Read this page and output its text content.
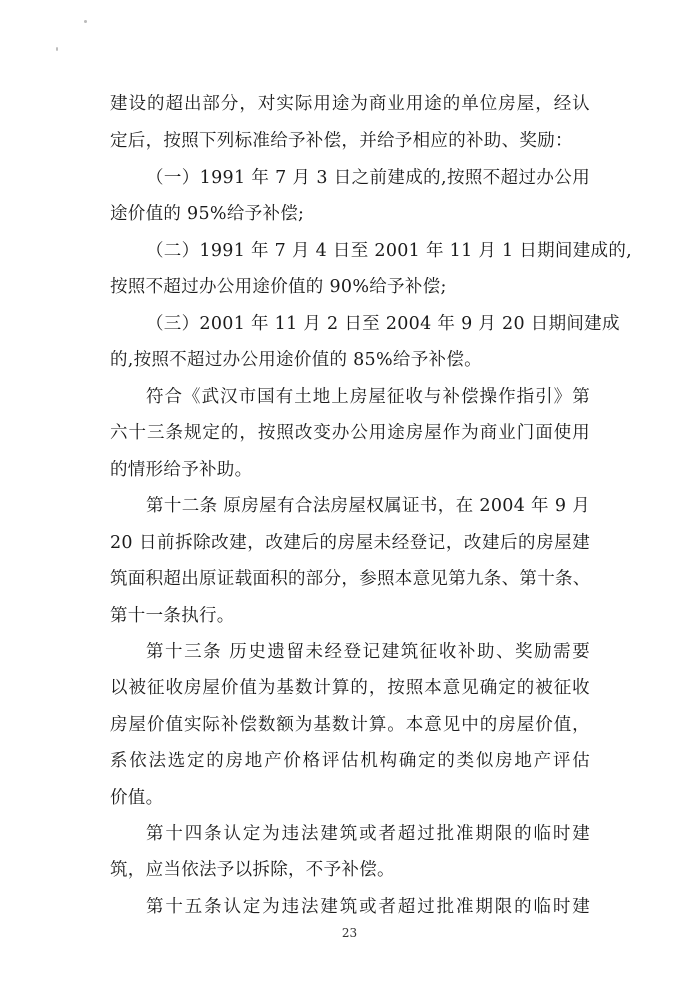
建设的超出部分，对实际用途为商业用途的单位房屋，经认
定后，按照下列标准给予补偿，并给予相应的补助、奖励：
（一）1991 年 7 月 3 日之前建成的,按照不超过办公用
途价值的 95%给予补偿;
（二）1991 年 7 月 4 日至 2001 年 11 月 1 日期间建成的,
按照不超过办公用途价值的 90%给予补偿;
（三）2001 年 11 月 2 日至 2004 年 9 月 20 日期间建成
的,按照不超过办公用途价值的 85%给予补偿。
符合《武汉市国有土地上房屋征收与补偿操作指引》第
六十三条规定的，按照改变办公用途房屋作为商业门面使用
的情形给予补助。
第十二条 原房屋有合法房屋权属证书，在 2004 年 9 月
20 日前拆除改建，改建后的房屋未经登记，改建后的房屋建
筑面积超出原证载面积的部分，参照本意见第九条、第十条、
第十一条执行。
第十三条 历史遗留未经登记建筑征收补助、奖励需要
以被征收房屋价值为基数计算的，按照本意见确定的被征收
房屋价值实际补偿数额为基数计算。本意见中的房屋价值，
系依法选定的房地产价格评估机构确定的类似房地产评估
价值。
第十四条认定为违法建筑或者超过批准期限的临时建
筑，应当依法予以拆除，不予补偿。
第十五条认定为违法建筑或者超过批准期限的临时建
23
